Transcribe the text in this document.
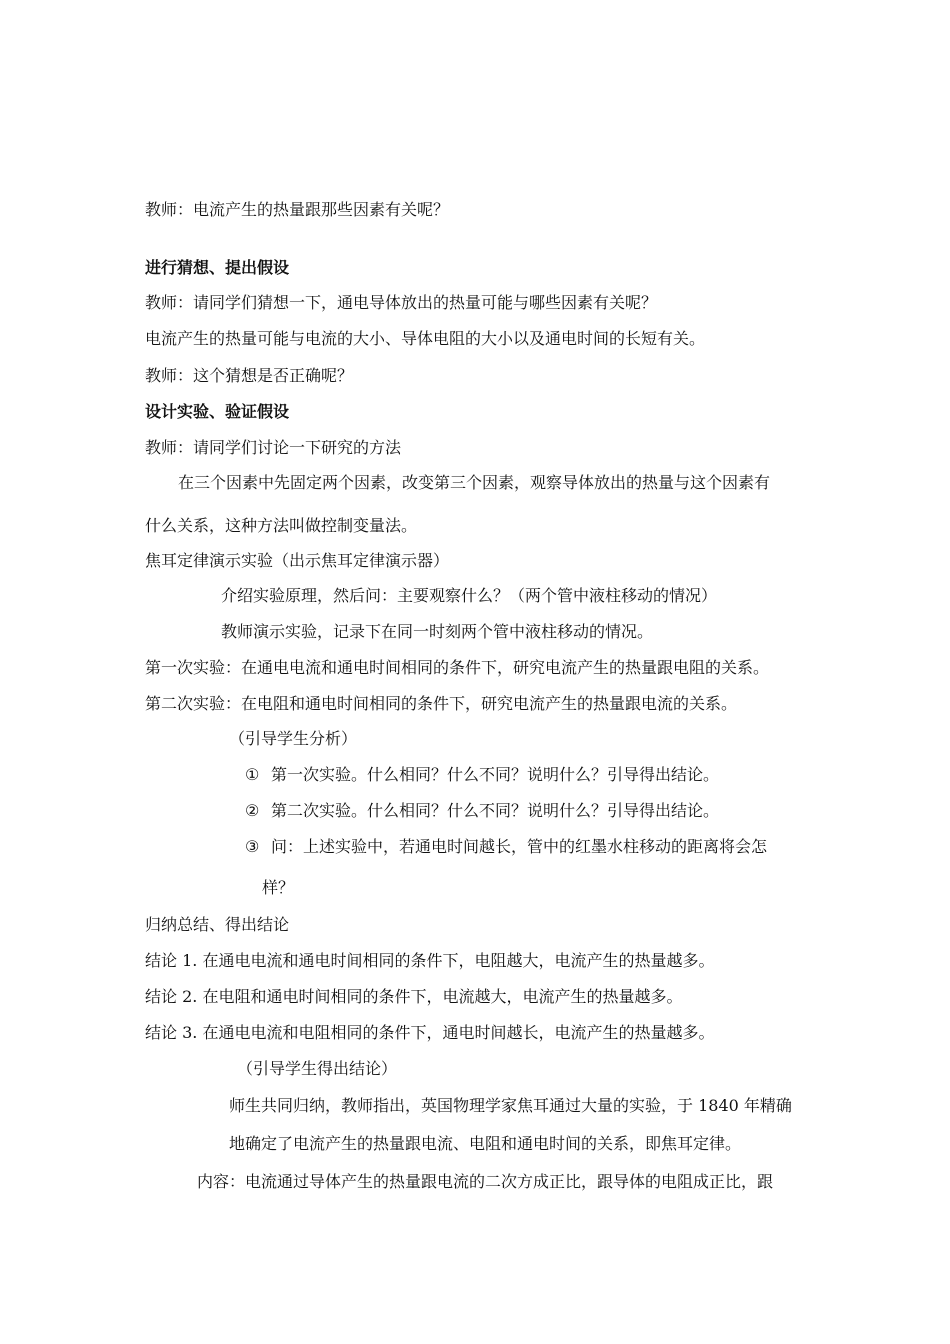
教师：电流产生的热量跟那些因素有关呢？
进行猜想、提出假设
教师：请同学们猜想一下，通电导体放出的热量可能与哪些因素有关呢？
电流产生的热量可能与电流的大小、导体电阻的大小以及通电时间的长短有关。
教师：这个猜想是否正确呢？
设计实验、验证假设
教师：请同学们讨论一下研究的方法
在三个因素中先固定两个因素，改变第三个因素，观察导体放出的热量与这个因素有
什么关系，这种方法叫做控制变量法。
焦耳定律演示实验（出示焦耳定律演示器）
介绍实验原理，然后问：主要观察什么？（两个管中液柱移动的情况）
教师演示实验，记录下在同一时刻两个管中液柱移动的情况。
第一次实验：在通电电流和通电时间相同的条件下，研究电流产生的热量跟电阻的关系。
第二次实验：在电阻和通电时间相同的条件下，研究电流产生的热量跟电流的关系。
（引导学生分析）
① 第一次实验。什么相同？什么不同？说明什么？引导得出结论。
② 第二次实验。什么相同？什么不同？说明什么？引导得出结论。
③ 问：上述实验中，若通电时间越长，管中的红墨水柱移动的距离将会怎
样？
归纳总结、得出结论
结论 1. 在通电电流和通电时间相同的条件下，电阻越大，电流产生的热量越多。
结论 2. 在电阻和通电时间相同的条件下，电流越大，电流产生的热量越多。
结论 3. 在通电电流和电阻相同的条件下，通电时间越长，电流产生的热量越多。
（引导学生得出结论）
师生共同归纳，教师指出，英国物理学家焦耳通过大量的实验，于 1840 年精确
地确定了电流产生的热量跟电流、电阻和通电时间的关系，即焦耳定律。
内容：电流通过导体产生的热量跟电流的二次方成正比，跟导体的电阻成正比，跟
